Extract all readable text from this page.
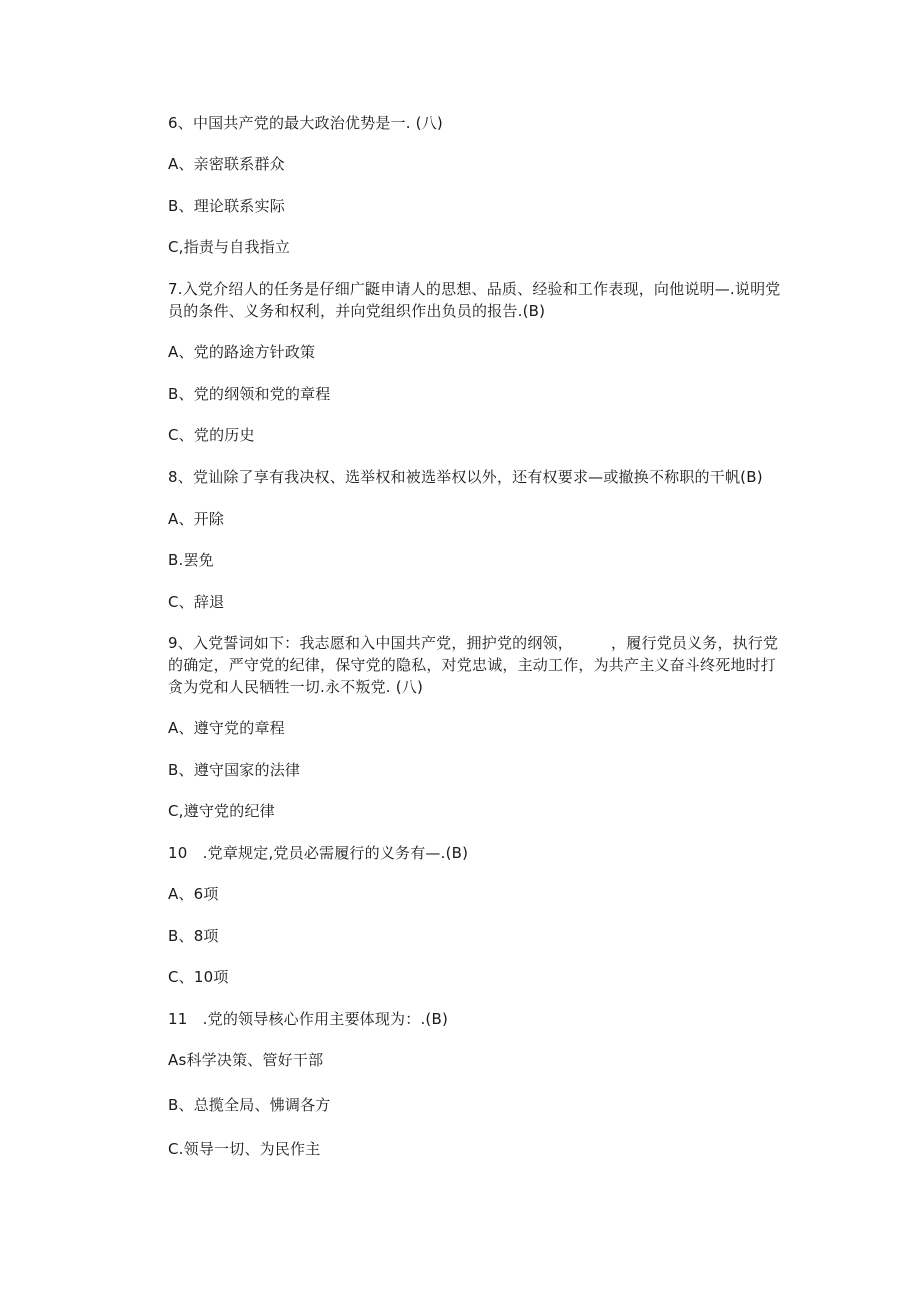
6、中国共产党的最大政治优势是一. (八)
A、亲密联系群众
B、理论联系实际
C,指责与自我指立
7.入党介绍人的任务是仔细广鼮申请人的思想、品质、经验和工作表现，向他说明—.说明党员的条件、义务和权利，并向党组织作出负员的报告.(B)
A、党的路途方针政策
B、党的纲领和党的章程
C、党的历史
8、党讪除了享有我决权、选举权和被选举权以外，还有权要求—或撤换不称职的干帆(B)
A、开除
B.罢免
C、辞退
9、入党誓词如下：我志愿和入中国共产党，拥护党的纲领，　　　，履行党员义务，执行党的确定，严守党的纪律，保守党的隐私，对党忠诚，主动工作，为共产主义奋斗终死地时打贪为党和人民牺牲一切.永不叛党. (八)
A、遵守党的章程
B、遵守国家的法律
C,遵守党的纪律
10　.党章规定,党员必需履行的义务有—.(B)
A、6项
B、8项
C、10项
11　.党的领导核心作用主要体现为：.(B)
As科学决策、管好干部
B、总揽全局、怫调各方
C.领导一切、为民作主
